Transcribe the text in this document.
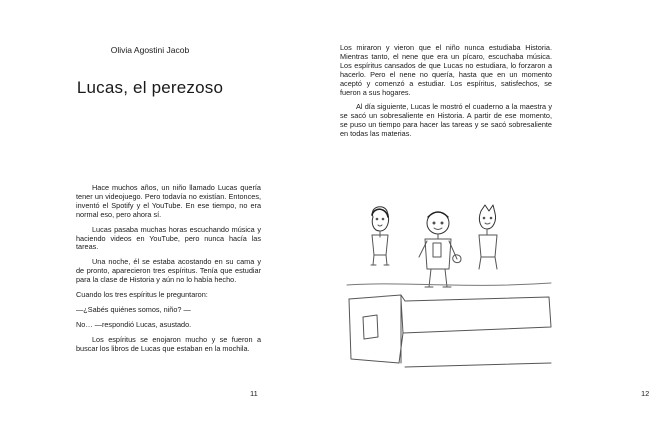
Olivia Agostini Jacob
Lucas, el perezoso

Hace muchos años, un niño llamado Lucas quería tener un videojuego. Pero todavía no existían. Entonces, inventó el Spotify y el YouTube. En ese tiempo, no era normal eso, pero ahora sí.

Lucas pasaba muchas horas escuchando música y haciendo videos en YouTube, pero nunca hacía las tareas.

Una noche, él se estaba acostando en su cama y de pronto, aparecieron tres espíritus. Tenía que estudiar para la clase de Historia y aún no lo había hecho.

Cuando los tres espíritus le preguntaron:

—¿Sabés quiénes somos, niño? —

No… —respondió Lucas, asustado.

Los espíritus se enojaron mucho y se fueron a buscar los libros de Lucas que estaban en la mochila.

11	12

Los miraron y vieron que el niño nunca estudiaba Historia. Mientras tanto, el nene que era un pícaro, escuchaba música. Los espíritus cansados de que Lucas no estudiara, lo forzaron a hacerlo. Pero el nene no quería, hasta que en un momento aceptó y comenzó a estudiar. Los espíritus, satisfechos, se fueron a sus hogares.

Al día siguiente, Lucas le mostró el cuaderno a la maestra y se sacó un sobresaliente en Historia. A partir de ese momento, se puso un tiempo para hacer las tareas y se sacó sobresaliente en todas las materias.
